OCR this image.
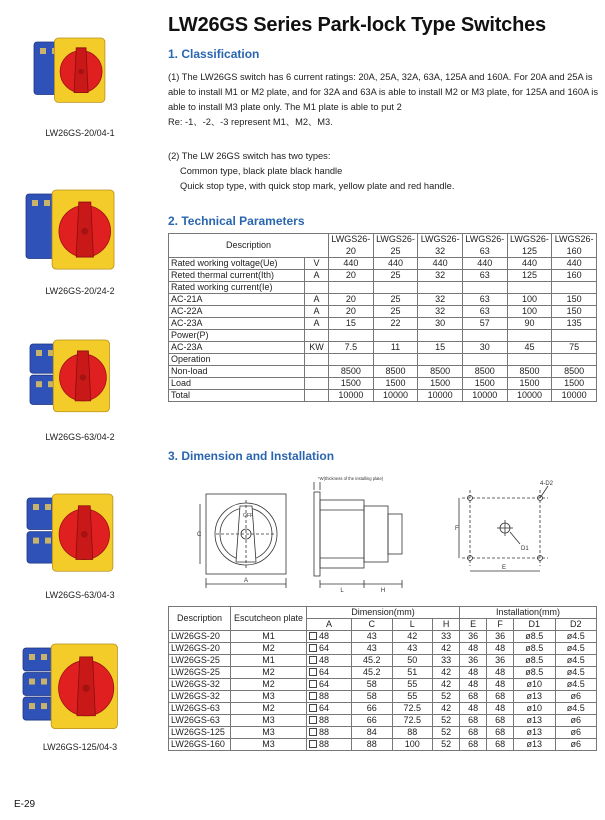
LW26GS Series Park-lock Type Switches
1. Classification
(1) The LW26GS switch has 6 current ratings: 20A, 25A, 32A, 63A, 125A and 160A. For 20A and 25A is able to install M1 or M2 plate, and for 32A and 63A is able to install M2 or M3 plate, for 125A and 160A is able to install M3 plate only. The M1 plate is able to put 2
Re: -1、-2、-3 represent M1、M2、M3.
(2) The LW 26GS switch has two types:
Common type, black plate black handle
Quick stop type, with quick stop mark, yellow plate and red handle.
2. Technical Parameters
Description		LWGS26-	LWGS26-	LWGS26-	LWGS26-	LWGS26-	LWGS26-
		20	25	32	63	125	160
Rated working voltage(Ue)	V	440	440	440	440	440	440
Reted thermal current(Ith)	A	20	25	32	63	125	160
Rated working current(Ie)							
AC-21A	A	20	25	32	63	100	150
AC-22A	A	20	25	32	63	100	150
AC-23A	A	15	22	30	57	90	135
Power(P)							
AC-23A	KW	7.5	11	15	30	45	75
Operation							
Non-load		8500	8500	8500	8500	8500	8500
Load		1500	1500	1500	1500	1500	1500
Total		10000	10000	10000	10000	10000	10000
3. Dimension and Installation
OFF
A
C
L	H
*W(thickness of the installing plate)
F
E
D1
4-D2
Description	Escutcheon plate	Dimension(mm)				Installation(mm)			
		A	C	L	H	E	F	D1	D2
LW26GS-20	M1	48	43	42	33	36	36	ø8.5	ø4.5
LW26GS-20	M2	64	43	43	42	48	48	ø8.5	ø4.5
LW26GS-25	M1	48	45.2	50	33	36	36	ø8.5	ø4.5
LW26GS-25	M2	64	45.2	51	42	48	48	ø8.5	ø4.5
LW26GS-32	M2	64	58	55	42	48	48	ø10	ø4.5
LW26GS-32	M3	88	58	55	52	68	68	ø13	ø6
LW26GS-63	M2	64	66	72.5	42	48	48	ø10	ø4.5
LW26GS-63	M3	88	66	72.5	52	68	68	ø13	ø6
LW26GS-125	M3	88	84	88	52	68	68	ø13	ø6
LW26GS-160	M3	88	88	100	52	68	68	ø13	ø6
LW26GS-20/04-1
LW26GS-20/24-2
LW26GS-63/04-2
LW26GS-63/04-3
LW26GS-125/04-3
E-29
